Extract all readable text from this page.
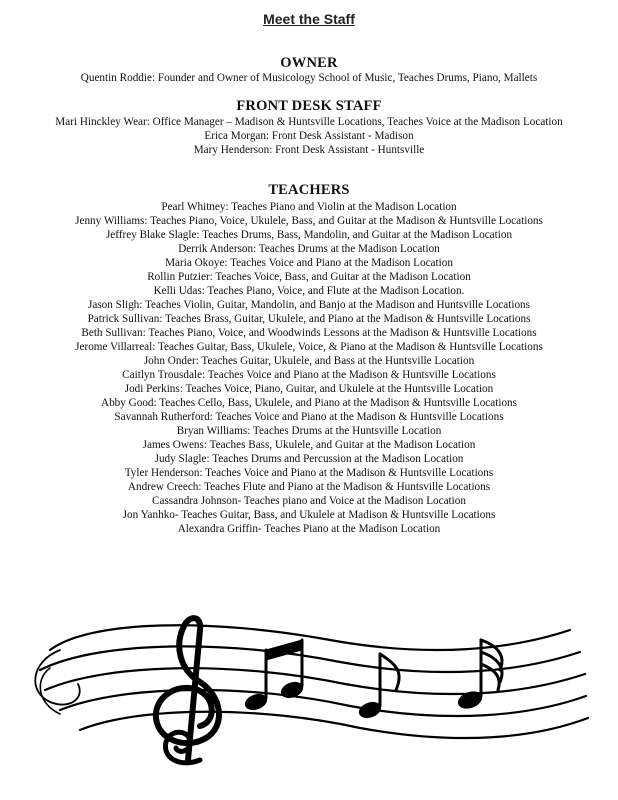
Meet the Staff
OWNER
Quentin Roddie: Founder and Owner of Musicology School of Music, Teaches Drums, Piano, Mallets
FRONT DESK STAFF
Mari Hinckley Wear: Office Manager – Madison & Huntsville Locations, Teaches Voice at the Madison Location
Erica Morgan: Front Desk Assistant - Madison
Mary Henderson: Front Desk Assistant - Huntsville
TEACHERS
Pearl Whitney: Teaches Piano and Violin at the Madison Location
Jenny Williams: Teaches Piano, Voice, Ukulele, Bass, and Guitar at the Madison & Huntsville Locations
Jeffrey Blake Slagle: Teaches Drums, Bass, Mandolin, and Guitar at the Madison Location
Derrik Anderson: Teaches Drums at the Madison Location
Maria Okoye: Teaches Voice and Piano at the Madison Location
Rollin Putzier: Teaches Voice, Bass, and Guitar at the Madison Location
Kelli Udas: Teaches Piano, Voice, and Flute at the Madison Location.
Jason Sligh: Teaches Violin, Guitar, Mandolin, and Banjo at the Madison and Huntsville Locations
Patrick Sullivan: Teaches Brass, Guitar, Ukulele, and Piano at the Madison & Huntsville Locations
Beth Sullivan: Teaches Piano, Voice, and Woodwinds Lessons at the Madison & Huntsville Locations
Jerome Villarreal: Teaches Guitar, Bass, Ukulele, Voice, & Piano at the Madison & Huntsville Locations
John Onder: Teaches Guitar, Ukulele, and Bass at the Huntsville Location
Caitlyn Trousdale: Teaches Voice and Piano at the Madison & Huntsville Locations
Jodi Perkins: Teaches Voice, Piano, Guitar, and Ukulele at the Huntsville Location
Abby Good: Teaches Cello, Bass, Ukulele, and Piano at the Madison & Huntsville Locations
Savannah Rutherford: Teaches Voice and Piano at the Madison & Huntsville Locations
Bryan Williams: Teaches Drums at the Huntsville Location
James Owens: Teaches Bass, Ukulele, and Guitar at the Madison Location
Judy Slagle: Teaches Drums and Percussion at the Madison Location
Tyler Henderson: Teaches Voice and Piano at the Madison & Huntsville Locations
Andrew Creech: Teaches Flute and Piano at the Madison & Huntsville Locations
Cassandra Johnson- Teaches piano and Voice at the Madison Location
Jon Yanhko- Teaches Guitar, Bass, and Ukulele at Madison & Huntsville Locations
Alexandra Griffin- Teaches Piano at the Madison Location
